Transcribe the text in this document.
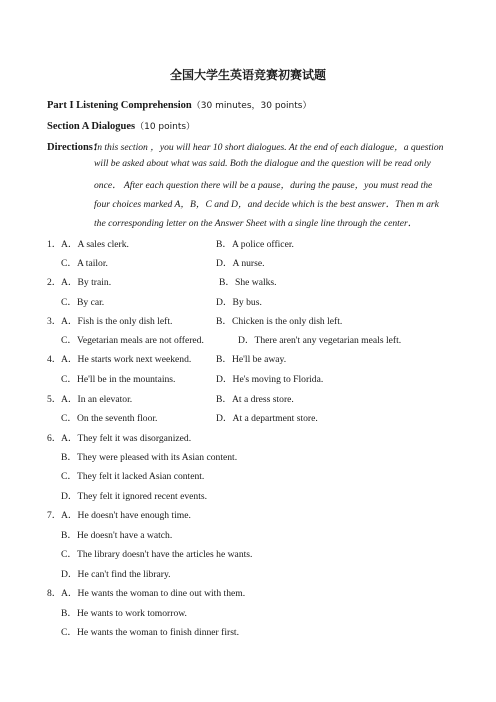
全国大学生英语竞赛初赛试题
Part I Listening Comprehension（30 minutes，30 points）
Section A Dialogues（10 points）
Directions：
In this section ，you will hear 10 short dialogues. At the end of each dialogue，a question
will be asked about what was said. Both the dialogue and the question will be read only
once． After each question there will be a pause，during the pause，you must read the
four choices marked A，B，C and D，and decide which is the best answer．Then m ark
the corresponding letter on the Answer Sheet with a single line through the center．
1． A．A sales clerk.	B．A police officer.
C．A tailor.	D．A nurse.
2． A．By train.	B．She walks.
C．By car.	D．By bus.
3． A．Fish is the only dish left.	B．Chicken is the only dish left.
C．Vegetarian meals are not offered.	D．There aren't any vegetarian meals left.
4． A．He starts work next weekend.	B．He'll be away.
C．He'll be in the mountains.	D．He's moving to Florida.
5． A．In an elevator.	B．At a dress store.
C．On the seventh floor.	D．At a department store.
6． A．They felt it was disorganized.
B．They were pleased with its Asian content.
C．They felt it lacked Asian content.
D．They felt it ignored recent events.
7． A．He doesn't have enough time.
B．He doesn't have a watch.
C．The library doesn't have the articles he wants.
D．He can't find the library.
8． A．He wants the woman to dine out with them.
B．He wants to work tomorrow.
C．He wants the woman to finish dinner first.
